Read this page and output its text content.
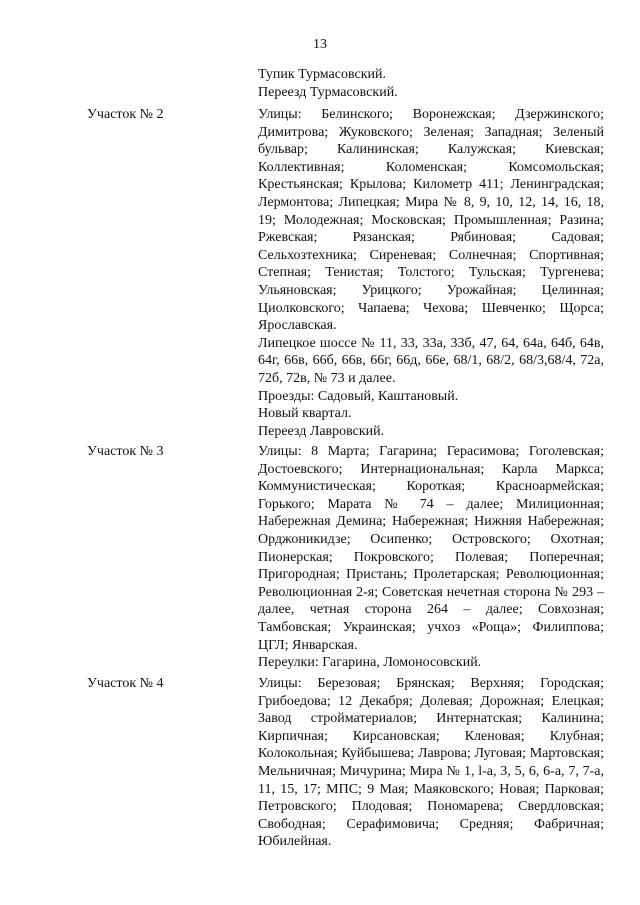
13
Тупик Турмасовский.
Переезд Турмасовский.
Участок № 2	Улицы: Белинского; Воронежская; Дзержинского; Димитрова; Жуковского; Зеленая; Западная; Зеленый бульвар; Калининская; Калужская; Киевская; Коллективная; Коломенская; Комсомольская; Крестьянская; Крылова; Километр 411; Ленинградская; Лермонтова; Липецкая; Мира № 8, 9, 10, 12, 14, 16, 18, 19; Молодежная; Московская; Промышленная; Разина; Ржевская; Рязанская; Рябиновая; Садовая; Сельхозтехника; Сиреневая; Солнечная; Спортивная; Степная; Тенистая; Толстого; Тульская; Тургенева; Ульяновская; Урицкого; Урожайная; Целинная; Циолковского; Чапаева; Чехова; Шевченко; Щорса; Ярославская.

Липецкое шоссе № 11, 33, 33а, 33б, 47, 64, 64а, 64б, 64в, 64г, 66в, 66б, 66в, 66г, 66д, 66е, 68/1, 68/2, 68/3,68/4, 72а, 72б, 72в, № 73 и далее.

Проезды: Садовый, Каштановый.

Новый квартал.

Переезд Лавровский.

Участок № 3	Улицы: 8 Марта; Гагарина; Герасимова; Гоголевская; Достоевского; Интернациональная; Карла Маркса; Коммунистическая; Короткая; Красноармейская; Горького; Марата № 74 – далее; Милиционная; Набережная Демина; Набережная; Нижняя Набережная; Орджоникидзе; Осипенко; Островского; Охотная; Пионерская; Покровского; Полевая; Поперечная; Пригородная; Пристань; Пролетарская; Революционная; Революционная 2-я; Советская нечетная сторона № 293 – далее, четная сторона 264 – далее; Совхозная; Тамбовская; Украинская; учхоз «Роща»; Филиппова; ЦГЛ; Январская.

Переулки: Гагарина, Ломоносовский.

Участок № 4	Улицы: Березовая; Брянская; Верхняя; Городская; Грибоедова; 12 Декабря; Долевая; Дорожная; Елецкая; Завод стройматериалов; Интернатская; Калинина; Кирпичная; Кирсановская; Кленовая; Клубная; Колокольная; Куйбышева; Лаврова; Луговая; Мартовская; Мельничная; Мичурина; Мира № 1, l-a, 3, 5, 6, 6-а, 7, 7-а, 11, 15, 17; МПС; 9 Мая; Маяковского; Новая; Парковая; Петровского; Плодовая; Пономарева; Свердловская; Свободная; Серафимовича; Средняя; Фабричная; Юбилейная.
